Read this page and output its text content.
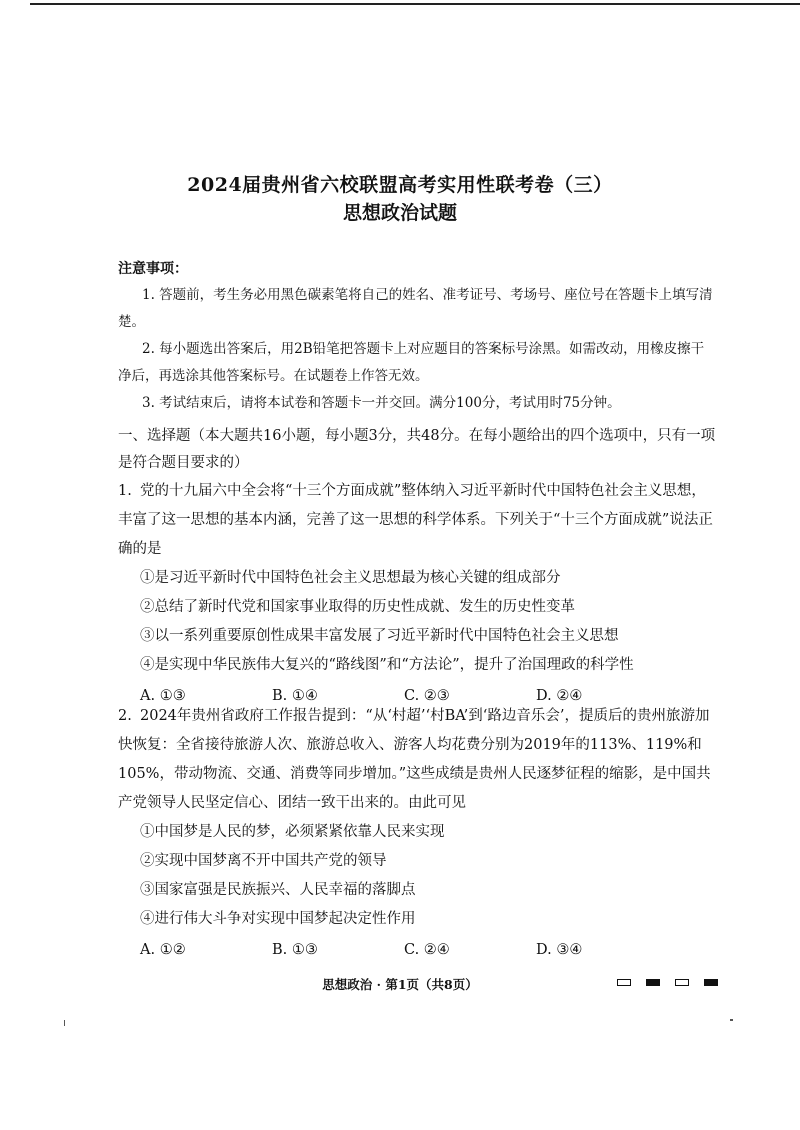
2024届贵州省六校联盟高考实用性联考卷（三）
思想政治试题
注意事项：
1. 答题前，考生务必用黑色碳素笔将自己的姓名、准考证号、考场号、座位号在答题卡上填写清楚。
2. 每小题选出答案后，用2B铅笔把答题卡上对应题目的答案标号涂黑。如需改动，用橡皮擦干净后，再选涂其他答案标号。在试题卷上作答无效。
3. 考试结束后，请将本试卷和答题卡一并交回。满分100分，考试用时75分钟。
一、选择题（本大题共16小题，每小题3分，共48分。在每小题给出的四个选项中，只有一项是符合题目要求的）
1. 党的十九届六中全会将“十三个方面成就”整体纳入习近平新时代中国特色社会主义思想，丰富了这一思想的基本内涵，完善了这一思想的科学体系。下列关于“十三个方面成就”说法正确的是
①是习近平新时代中国特色社会主义思想最为核心关键的组成部分
②总结了新时代党和国家事业取得的历史性成就、发生的历史性变革
③以一系列重要原创性成果丰富发展了习近平新时代中国特色社会主义思想
④是实现中华民族伟大复兴的“路线图”和“方法论”，提升了治国理政的科学性
A. ①③	B. ①④	C. ②③	D. ②④
2. 2024年贵州省政府工作报告提到：“从‘村超’‘村BA’到‘路边音乐会’，提质后的贵州旅游加快恢复：全省接待旅游人次、旅游总收入、游客人均花费分别为2019年的113%、119%和105%，带动物流、交通、消费等同步增加。”这些成绩是贵州人民逐梦征程的缩影，是中国共产党领导人民坚定信心、团结一致干出来的。由此可见
①中国梦是人民的梦，必须紧紧依靠人民来实现
②实现中国梦离不开中国共产党的领导
③国家富强是民族振兴、人民幸福的落脚点
④进行伟大斗争对实现中国梦起决定性作用
A. ①②	B. ①③	C. ②④	D. ③④
思想政治 · 第1页（共8页）
